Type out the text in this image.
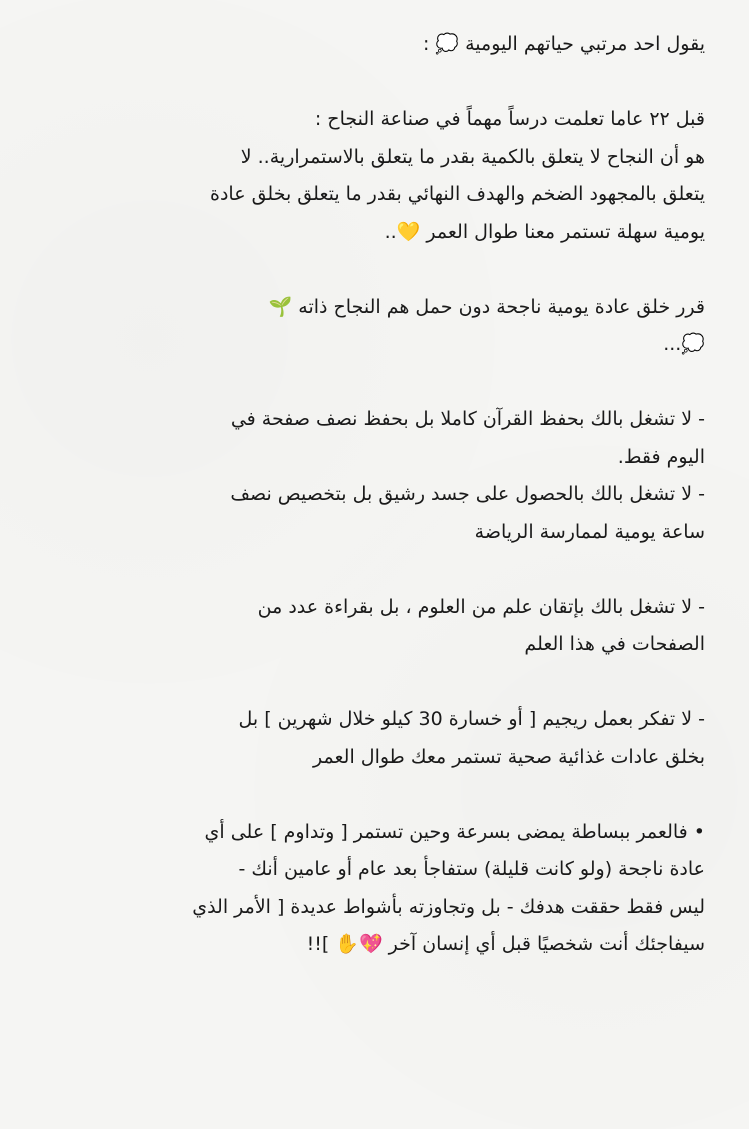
يقول احد مرتبي حياتهم اليومية 💭 :
قبل ٢٢ عاما تعلمت درساً مهماً في صناعة النجاح :
هو أن النجاح لا يتعلق بالكمية بقدر ما يتعلق بالاستمرارية.. لا
يتعلق بالمجهود الضخم والهدف النهائي بقدر ما يتعلق بخلق عادة
يومية سهلة تستمر معنا طوال العمر 💛..
قرر خلق عادة يومية ناجحة دون حمل هم النجاح ذاته 🌱
💭...
- لا تشغل بالك بحفظ القرآن كاملا بل بحفظ نصف صفحة في
اليوم فقط.
- لا تشغل بالك بالحصول على جسد رشيق بل بتخصيص نصف
ساعة يومية لممارسة الرياضة
- لا تشغل بالك بإتقان علم من العلوم ، بل بقراءة عدد من
الصفحات في هذا العلم
- لا تفكر بعمل ريجيم [ أو خسارة 30 كيلو خلال شهرين ] بل
بخلق عادات غذائية صحية تستمر معك طوال العمر
• فالعمر ببساطة يمضى بسرعة وحين تستمر [ وتداوم ] على أي
عادة ناجحة (ولو كانت قليلة) ستفاجأ بعد عام أو عامين أنك -
ليس فقط حققت هدفك - بل وتجاوزته بأشواط عديدة [ الأمر الذي
سيفاجئك أنت شخصيًا قبل أي إنسان آخر 💖✋ ]!!
